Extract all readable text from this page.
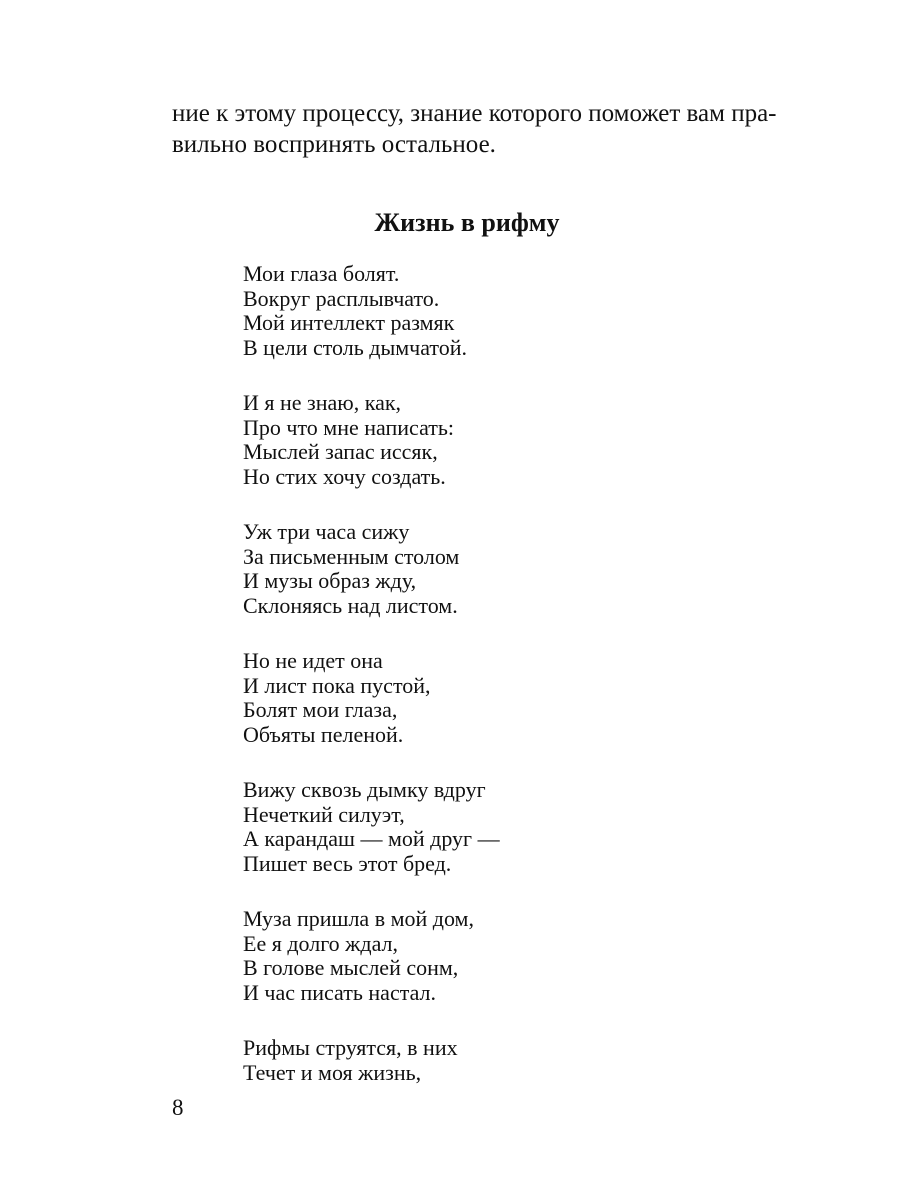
ние к этому процессу, знание которого поможет вам пра-

вильно воспринять остальное.

Жизнь в рифму
Мои глаза болят.
Вокруг расплывчато.
Мой интеллект размяк
В цели столь дымчатой.
И я не знаю, как,
Про что мне написать:
Мыслей запас иссяк,
Но стих хочу создать.
Уж три часа сижу
За письменным столом
И музы образ жду,
Склоняясь над листом.
Но не идет она
И лист пока пустой,
Болят мои глаза,
Объяты пеленой.
Вижу сквозь дымку вдруг
Нечеткий силуэт,
А карандаш — мой друг —
Пишет весь этот бред.
Муза пришла в мой дом,
Ее я долго ждал,
В голове мыслей сонм,
И час писать настал.
Рифмы струятся, в них
Течет и моя жизнь,
8
